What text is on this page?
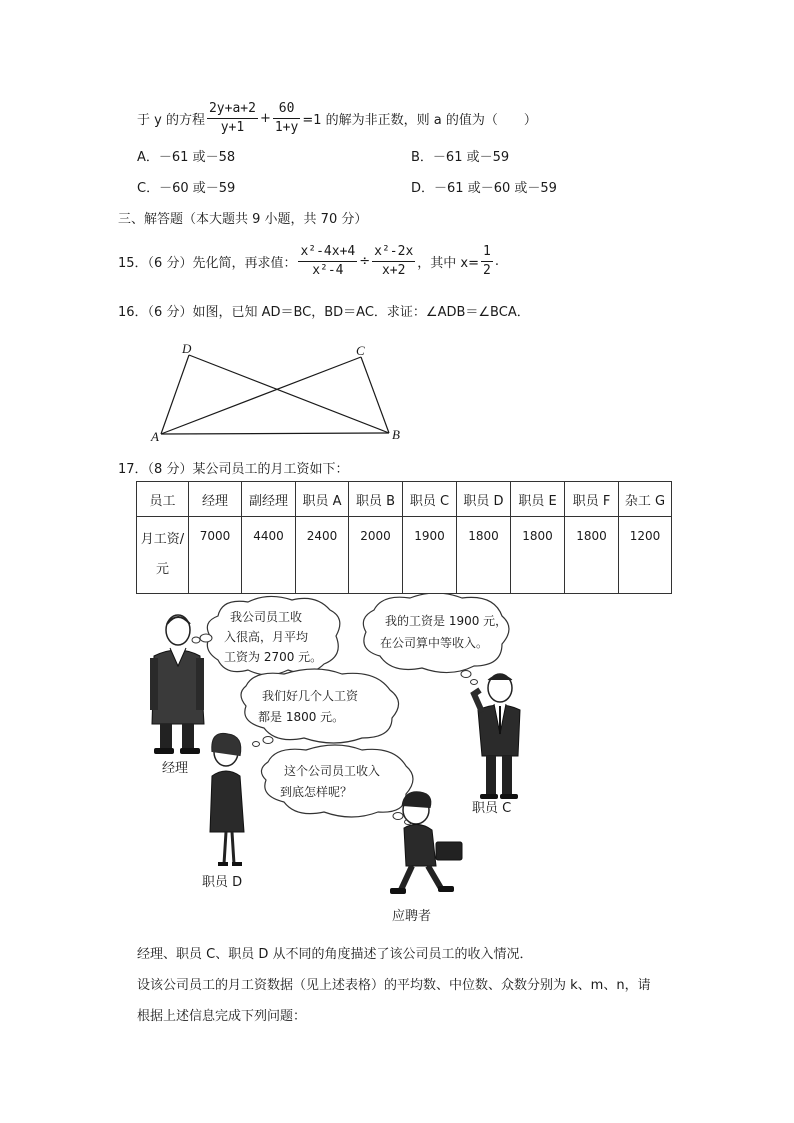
于 y 的方程 $\frac{2y+a+2}{y+1} + \frac{60}{1+y} =1$ 的解为非正数，则 a 的值为（　　）
A．－61 或－58	B．－61 或－59
C．－60 或－59	D．－61 或－60 或－59
三、解答题（本大题共 9 小题，共 70 分）
15．（6 分）先化简，再求值： $\frac{\text{x²-4x+4}}{\text{x²-4}} \div \frac{\text{x²-2x}}{x+2}$ ，其中 $x= \frac{1}{2}$ .
16．（6 分）如图，已知 AD＝BC，BD＝AC．求证：∠ADB＝∠BCA．
D	C
A	B
17．（8 分）某公司员工的月工资如下：
员工	经理	副经理	职员 A	职员 B	职员 C	职员 D	职员 E	职员 F	杂工 G
月工资/
元	7000	4400	2400	2000	1900	1800	1800	1800	1200
我公司员工收
入很高，月平均
工资为 2700 元。
我的工资是 1900 元，
在公司算中等收入。
我们好几个人工资
都是 1800 元。
这个公司员工收入
到底怎样呢？
经理
职员 C
职员 D
应聘者
经理、职员 C、职员 D 从不同的角度描述了该公司员工的收入情况．
设该公司员工的月工资数据（见上述表格）的平均数、中位数、众数分别为 k、m、n，请
根据上述信息完成下列问题：
